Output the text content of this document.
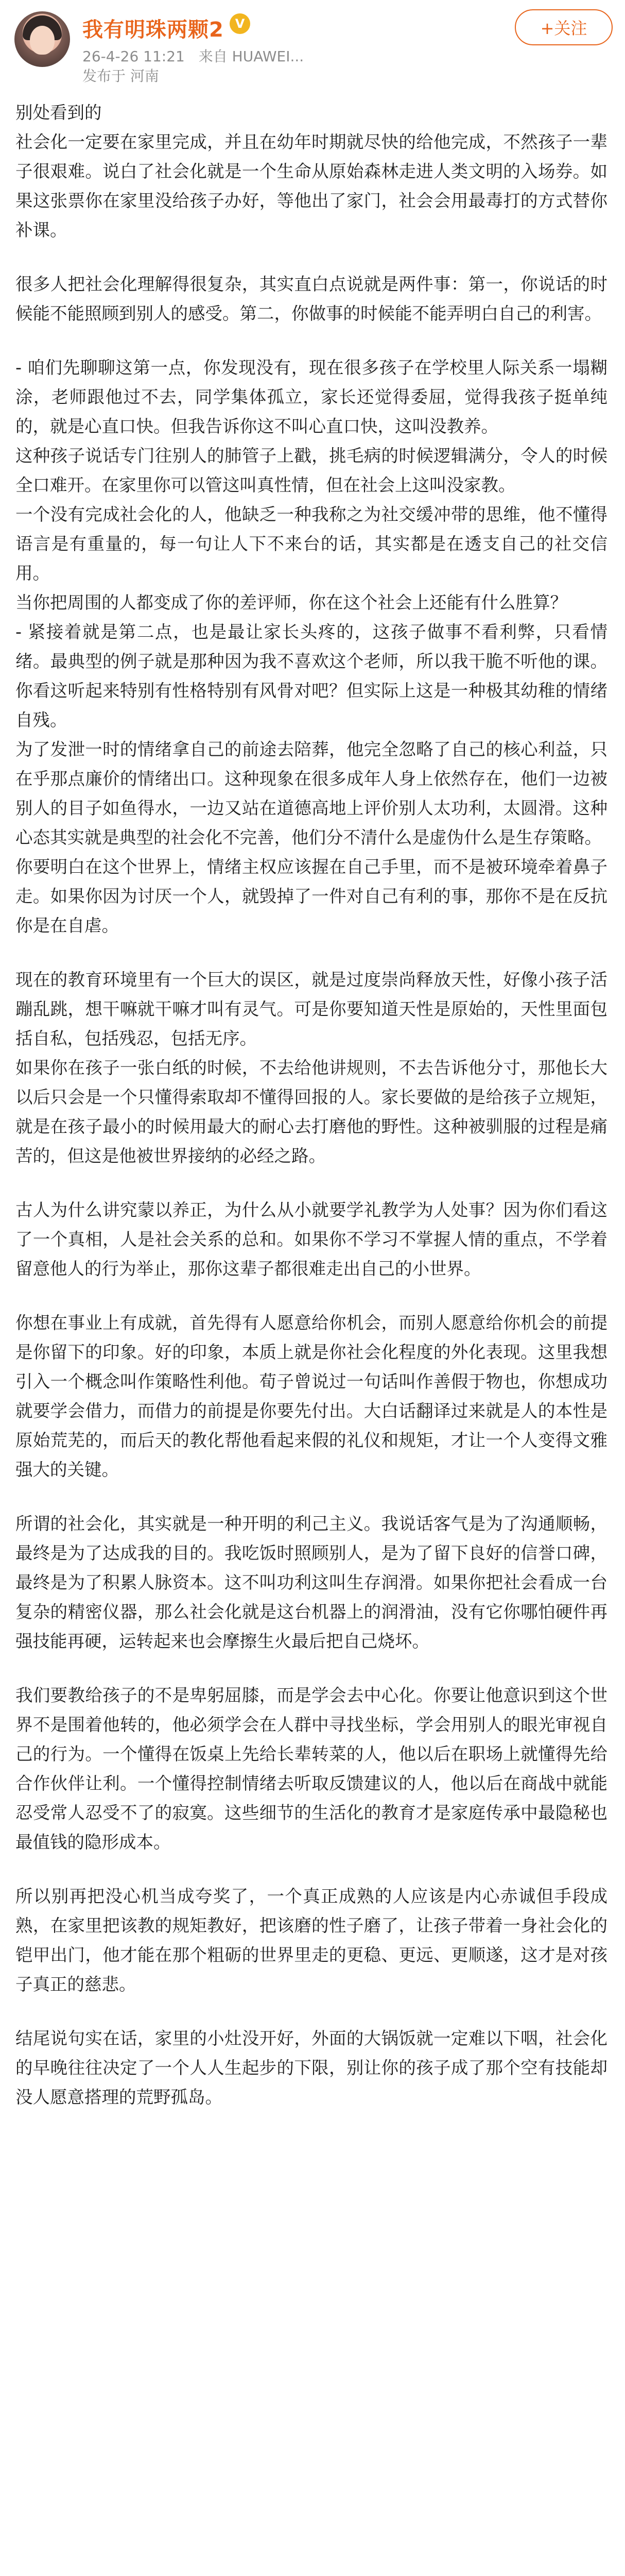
我有明珠两颗2 V
26-4-26 11:21 来自 HUAWEI...
发布于 河南
+关注

别处看到的

社会化一定要在家里完成，并且在幼年时期就尽快的给他完成，不然孩子一辈子很艰难。说白了社会化就是一个生命从原始森林走进人类文明的入场券。如果这张票你在家里没给孩子办好，等他出了家门，社会会用最毒打的方式替你补课。

很多人把社会化理解得很复杂，其实直白点说就是两件事：第一，你说话的时候能不能照顾到别人的感受。第二，你做事的时候能不能弄明白自己的利害。

- 咱们先聊聊这第一点，你发现没有，现在很多孩子在学校里人际关系一塌糊涂，老师跟他过不去，同学集体孤立，家长还觉得委屈，觉得我孩子挺单纯的，就是心直口快。但我告诉你这不叫心直口快，这叫没教养。

这种孩子说话专门往别人的肺管子上戳，挑毛病的时候逻辑满分，令人的时候全口难开。在家里你可以管这叫真性情，但在社会上这叫没家教。

一个没有完成社会化的人，他缺乏一种我称之为社交缓冲带的思维，他不懂得语言是有重量的，每一句让人下不来台的话，其实都是在透支自己的社交信用。

当你把周围的人都变成了你的差评师，你在这个社会上还能有什么胜算？

- 紧接着就是第二点，也是最让家长头疼的，这孩子做事不看利弊，只看情绪。最典型的例子就是那种因为我不喜欢这个老师，所以我干脆不听他的课。你看这听起来特别有性格特别有风骨对吧？但实际上这是一种极其幼稚的情绪自残。

为了发泄一时的情绪拿自己的前途去陪葬，他完全忽略了自己的核心利益，只在乎那点廉价的情绪出口。这种现象在很多成年人身上依然存在，他们一边被别人的目子如鱼得水，一边又站在道德高地上评价别人太功利，太圆滑。这种心态其实就是典型的社会化不完善，他们分不清什么是虚伪什么是生存策略。

你要明白在这个世界上，情绪主权应该握在自己手里，而不是被环境牵着鼻子走。如果你因为讨厌一个人，就毁掉了一件对自己有利的事，那你不是在反抗你是在自虐。

现在的教育环境里有一个巨大的误区，就是过度崇尚释放天性，好像小孩子活蹦乱跳，想干嘛就干嘛才叫有灵气。可是你要知道天性是原始的，天性里面包括自私，包括残忍，包括无序。

如果你在孩子一张白纸的时候，不去给他讲规则，不去告诉他分寸，那他长大以后只会是一个只懂得索取却不懂得回报的人。家长要做的是给孩子立规矩，就是在孩子最小的时候用最大的耐心去打磨他的野性。这种被驯服的过程是痛苦的，但这是他被世界接纳的必经之路。

古人为什么讲究蒙以养正，为什么从小就要学礼教学为人处事？因为你们看这了一个真相，人是社会关系的总和。如果你不学习不掌握人情的重点，不学着留意他人的行为举止，那你这辈子都很难走出自己的小世界。

你想在事业上有成就，首先得有人愿意给你机会，而别人愿意给你机会的前提是你留下的印象。好的印象，本质上就是你社会化程度的外化表现。这里我想引入一个概念叫作策略性利他。荀子曾说过一句话叫作善假于物也，你想成功就要学会借力，而借力的前提是你要先付出。大白话翻译过来就是人的本性是原始荒芜的，而后天的教化帮他看起来假的礼仪和规矩，才让一个人变得文雅强大的关键。

所谓的社会化，其实就是一种开明的利己主义。我说话客气是为了沟通顺畅，最终是为了达成我的目的。我吃饭时照顾别人，是为了留下良好的信誉口碑，最终是为了积累人脉资本。这不叫功利这叫生存润滑。如果你把社会看成一台复杂的精密仪器，那么社会化就是这台机器上的润滑油，没有它你哪怕硬件再强技能再硬，运转起来也会摩擦生火最后把自己烧坏。

我们要教给孩子的不是卑躬屈膝，而是学会去中心化。你要让他意识到这个世界不是围着他转的，他必须学会在人群中寻找坐标，学会用别人的眼光审视自己的行为。一个懂得在饭桌上先给长辈转菜的人，他以后在职场上就懂得先给合作伙伴让利。一个懂得控制情绪去听取反馈建议的人，他以后在商战中就能忍受常人忍受不了的寂寞。这些细节的生活化的教育才是家庭传承中最隐秘也最值钱的隐形成本。

所以别再把没心机当成夸奖了，一个真正成熟的人应该是内心赤诚但手段成熟，在家里把该教的规矩教好，把该磨的性子磨了，让孩子带着一身社会化的铠甲出门，他才能在那个粗砺的世界里走的更稳、更远、更顺遂，这才是对孩子真正的慈悲。

结尾说句实在话，家里的小灶没开好，外面的大锅饭就一定难以下咽，社会化的早晚往往决定了一个人人生起步的下限，别让你的孩子成了那个空有技能却没人愿意搭理的荒野孤岛。
